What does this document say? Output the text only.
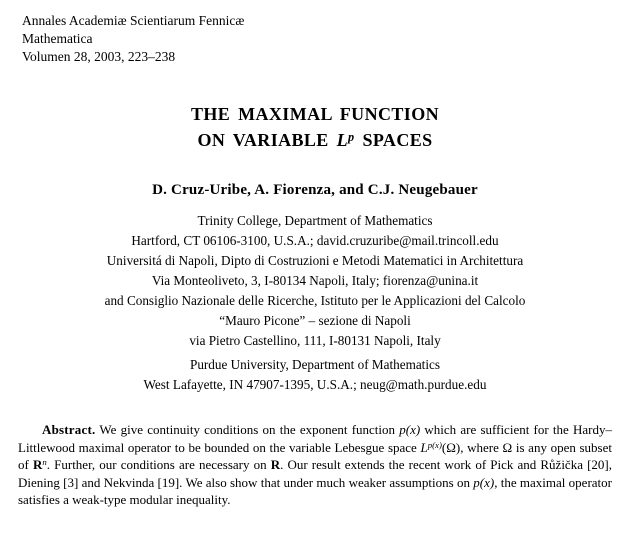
Annales Academiæ Scientiarum Fennicæ
Mathematica
Volumen 28, 2003, 223–238
THE MAXIMAL FUNCTION
ON VARIABLE $L^p$ SPACES
D. Cruz-Uribe, A. Fiorenza, and C.J. Neugebauer
Trinity College, Department of Mathematics
Hartford, CT 06106-3100, U.S.A.; david.cruzuribe@mail.trincoll.edu
Universitá di Napoli, Dipto di Costruzioni e Metodi Matematici in Architettura
Via Monteoliveto, 3, I-80134 Napoli, Italy; fiorenza@unina.it
and Consiglio Nazionale delle Ricerche, Istituto per le Applicazioni del Calcolo
“Mauro Picone” – sezione di Napoli
via Pietro Castellino, 111, I-80131 Napoli, Italy
Purdue University, Department of Mathematics
West Lafayette, IN 47907-1395, U.S.A.; neug@math.purdue.edu

Abstract. We give continuity conditions on the exponent function p(x) which are sufficient for the Hardy–Littlewood maximal operator to be bounded on the variable Lebesgue space $L^{p(x)}(\Omega)$, where Ω is any open subset of $R^n$. Further, our conditions are necessary on R. Our result extends the recent work of Pick and Růžička [20], Diening [3] and Nekvinda [19]. We also show that under much weaker assumptions on p(x), the maximal operator satisfies a weak-type modular inequality.
